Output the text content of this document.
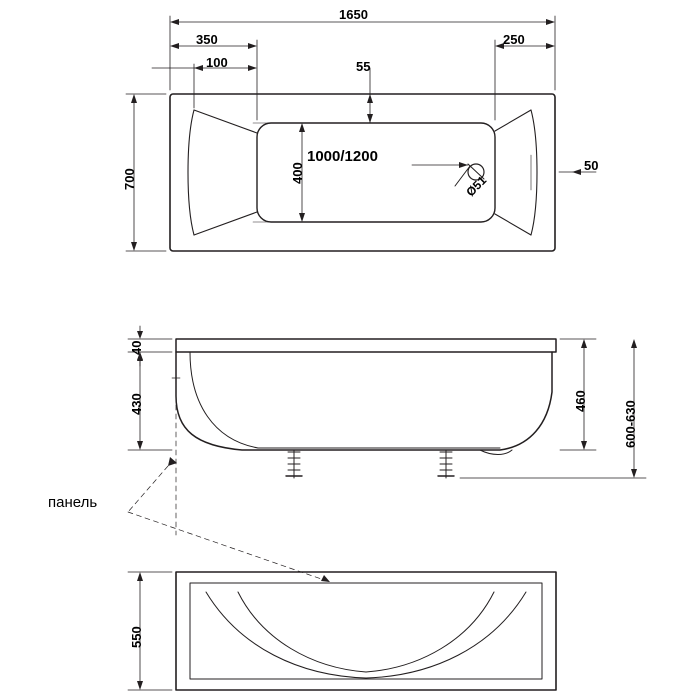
1650
350
100	55
250
700	400
1000/1200
Ø51
50
40
430	460	600-630
550
панель
